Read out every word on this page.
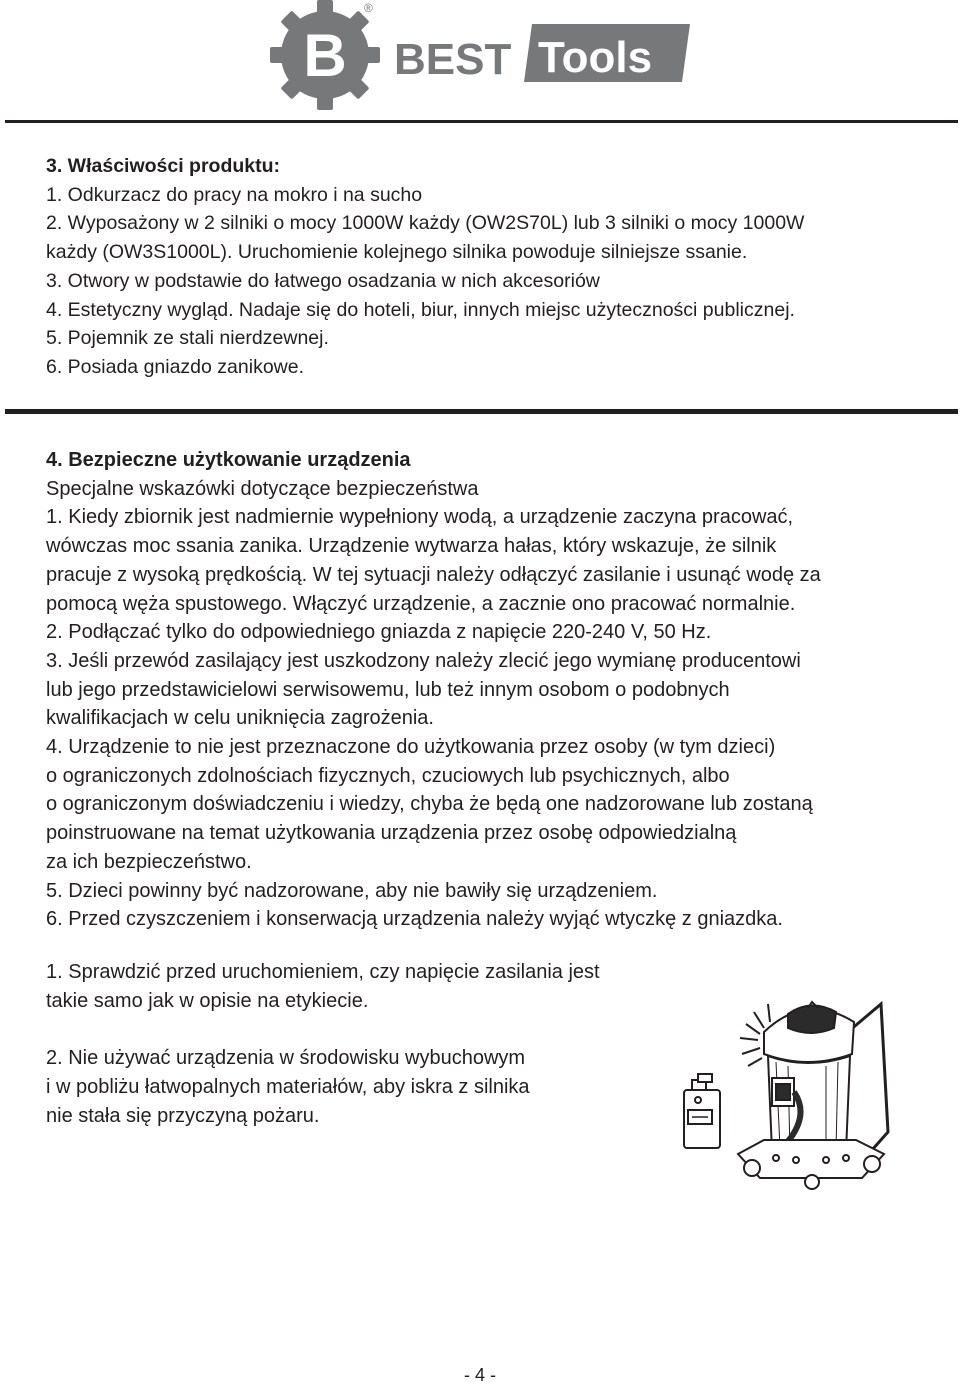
B BEST Tools
®

3. Właściwości produktu:

1. Odkurzacz do pracy na mokro i na sucho

2. Wyposażony w 2 silniki o mocy 1000W każdy (OW2S70L) lub 3 silniki o mocy 1000W

każdy (OW3S1000L). Uruchomienie kolejnego silnika powoduje silniejsze ssanie.

3. Otwory w podstawie do łatwego osadzania w nich akcesoriów

4. Estetyczny wygląd. Nadaje się do hoteli, biur, innych miejsc użyteczności publicznej.

5. Pojemnik ze stali nierdzewnej.

6. Posiada gniazdo zanikowe.

4. Bezpieczne użytkowanie urządzenia

Specjalne wskazówki dotyczące bezpieczeństwa

1. Kiedy zbiornik jest nadmiernie wypełniony wodą, a urządzenie zaczyna pracować,

wówczas moc ssania zanika. Urządzenie wytwarza hałas, który wskazuje, że silnik

pracuje z wysoką prędkością. W tej sytuacji należy odłączyć zasilanie i usunąć wodę za

pomocą węża spustowego. Włączyć urządzenie, a zacznie ono pracować normalnie.

2. Podłączać tylko do odpowiedniego gniazda z napięcie 220-240 V, 50 Hz.

3. Jeśli przewód zasilający jest uszkodzony należy zlecić jego wymianę producentowi

lub jego przedstawicielowi serwisowemu, lub też innym osobom o podobnych

kwalifikacjach w celu uniknięcia zagrożenia.

4. Urządzenie to nie jest przeznaczone do użytkowania przez osoby (w tym dzieci)

o ograniczonych zdolnościach fizycznych, czuciowych lub psychicznych, albo

o ograniczonym doświadczeniu i wiedzy, chyba że będą one nadzorowane lub zostaną

poinstruowane na temat użytkowania urządzenia przez osobę odpowiedzialną

za ich bezpieczeństwo.

5. Dzieci powinny być nadzorowane, aby nie bawiły się urządzeniem.

6. Przed czyszczeniem i konserwacją urządzenia należy wyjąć wtyczkę z gniazdka.

1. Sprawdzić przed uruchomieniem, czy napięcie zasilania jest
takie samo jak w opisie na etykiecie.

2. Nie używać urządzenia w środowisku wybuchowym
i w pobliżu łatwopalnych materiałów, aby iskra z silnika
nie stała się przyczyną pożaru.

- 4 -
